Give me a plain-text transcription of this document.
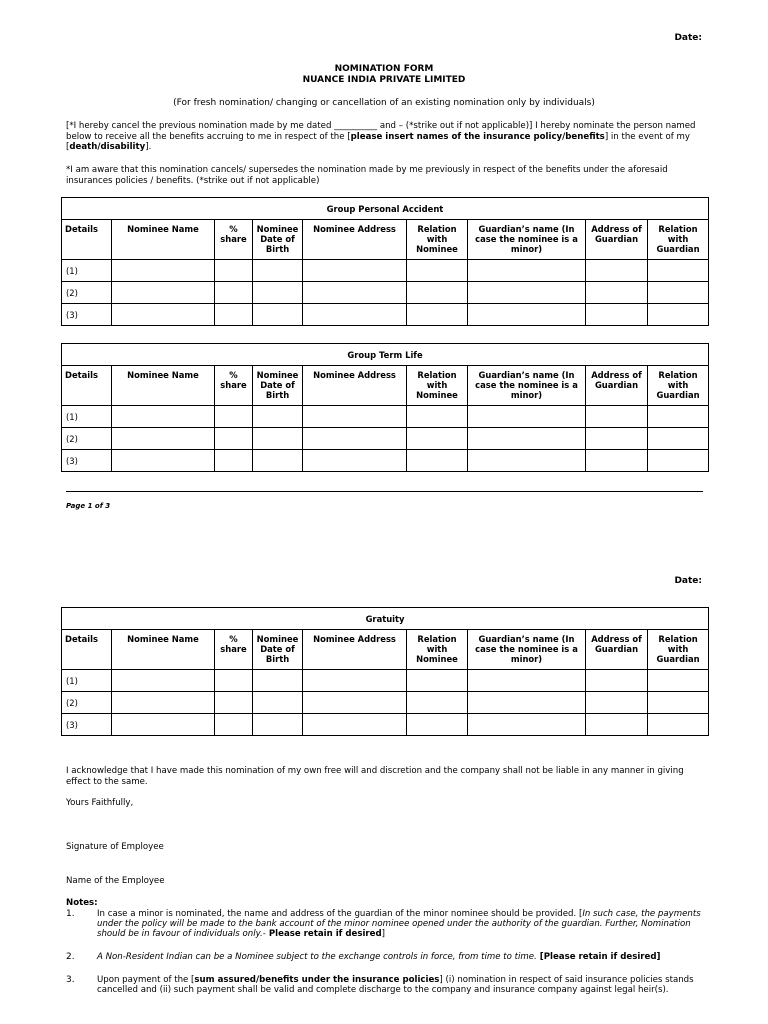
Date:
NOMINATION FORM
NUANCE INDIA PRIVATE LIMITED
(For fresh nomination/ changing or cancellation of an existing nomination only by individuals)
[*I hereby cancel the previous nomination made by me dated __________ and – (*strike out if not applicable)] I hereby nominate the person named below to receive all the benefits accruing to me in respect of the [please insert names of the insurance policy/benefits] in the event of my [death/disability].
*I am aware that this nomination cancels/ supersedes the nomination made by me previously in respect of the benefits under the aforesaid insurances policies / benefits. (*strike out if not applicable)
Group Personal Accident								
Details	Nominee Name	% share	Nominee Date of Birth	Nominee Address	Relation with Nominee	Guardian’s name (In case the nominee is a minor)	Address of Guardian	Relation with Guardian
(1)								
(2)								
(3)								
Group Term Life								
Details	Nominee Name	% share	Nominee Date of Birth	Nominee Address	Relation with Nominee	Guardian’s name (In case the nominee is a minor)	Address of Guardian	Relation with Guardian
(1)								
(2)								
(3)								
Page 1 of 3
Date:
Gratuity								
Details	Nominee Name	% share	Nominee Date of Birth	Nominee Address	Relation with Nominee	Guardian’s name (In case the nominee is a minor)	Address of Guardian	Relation with Guardian
(1)								
(2)								
(3)								
I acknowledge that I have made this nomination of my own free will and discretion and the company shall not be liable in any manner in giving effect to the same.
Yours Faithfully,
Signature of Employee
Name of the Employee
Notes:
1.	In case a minor is nominated, the name and address of the guardian of the minor nominee should be provided. [In such case, the payments under the policy will be made to the bank account of the minor nominee opened under the authority of the guardian. Further, Nomination should be in favour of individuals only.- Please retain if desired]
2.	A Non-Resident Indian can be a Nominee subject to the exchange controls in force, from time to time. [Please retain if desired]
3.	Upon payment of the [sum assured/benefits under the insurance policies] (i) nomination in respect of said insurance policies stands cancelled and (ii) such payment shall be valid and complete discharge to the company and insurance company against legal heir(s).
